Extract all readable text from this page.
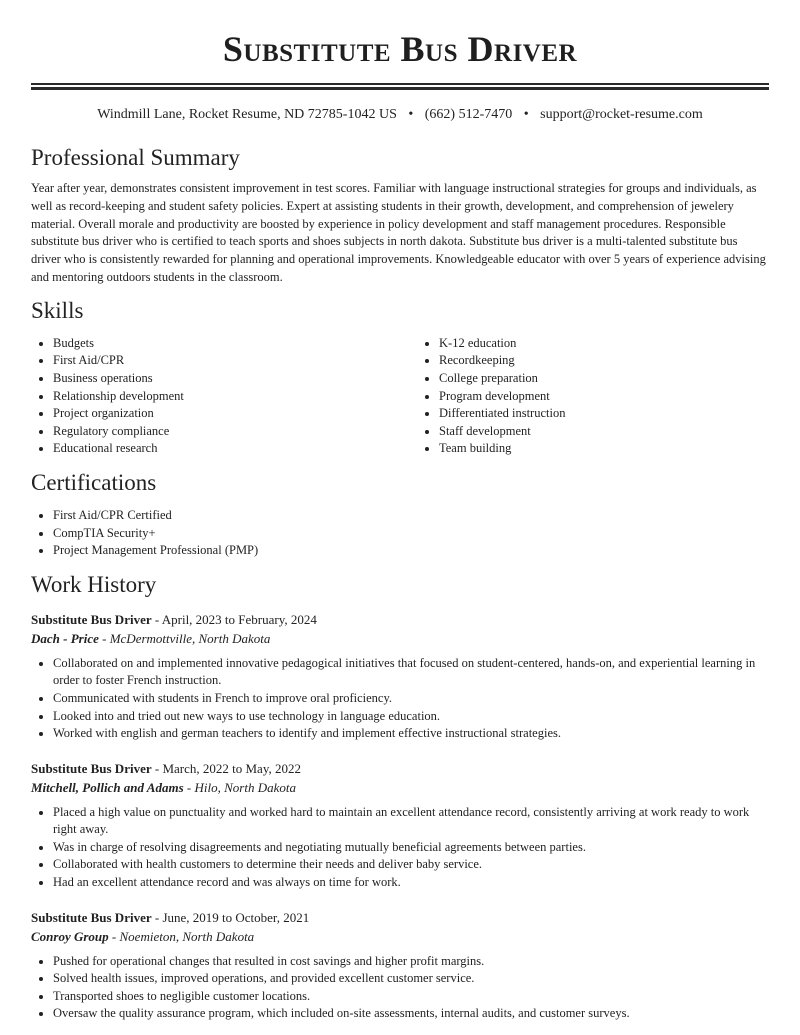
Substitute Bus Driver
Windmill Lane, Rocket Resume, ND 72785-1042 US • (662) 512-7470 • support@rocket-resume.com
Professional Summary

Year after year, demonstrates consistent improvement in test scores. Familiar with language instructional strategies for groups and individuals, as well as record-keeping and student safety policies. Expert at assisting students in their growth, development, and comprehension of jewelery material. Overall morale and productivity are boosted by experience in policy development and staff management procedures. Responsible substitute bus driver who is certified to teach sports and shoes subjects in north dakota. Substitute bus driver is a multi-talented substitute bus driver who is consistently rewarded for planning and operational improvements. Knowledgeable educator with over 5 years of experience advising and mentoring outdoors students in the classroom.

Skills
• Budgets
• First Aid/CPR
• Business operations
• Relationship development
• Project organization
• Regulatory compliance
• Educational research
• K-12 education
• Recordkeeping
• College preparation
• Program development
• Differentiated instruction
• Staff development
• Team building
Certifications
• First Aid/CPR Certified
• CompTIA Security+
• Project Management Professional (PMP)
Work History

Substitute Bus Driver - April, 2023 to February, 2024

Dach - Price - McDermottville, North Dakota

• Collaborated on and implemented innovative pedagogical initiatives that focused on student-centered, hands-on, and experiential learning in order to foster French instruction.
• Communicated with students in French to improve oral proficiency.
• Looked into and tried out new ways to use technology in language education.
• Worked with english and german teachers to identify and implement effective instructional strategies.

Substitute Bus Driver - March, 2022 to May, 2022

Mitchell, Pollich and Adams - Hilo, North Dakota

• Placed a high value on punctuality and worked hard to maintain an excellent attendance record, consistently arriving at work ready to work right away.
• Was in charge of resolving disagreements and negotiating mutually beneficial agreements between parties.
• Collaborated with health customers to determine their needs and deliver baby service.
• Had an excellent attendance record and was always on time for work.

Substitute Bus Driver - June, 2019 to October, 2021

Conroy Group - Noemieton, North Dakota

• Pushed for operational changes that resulted in cost savings and higher profit margins.
• Solved health issues, improved operations, and provided excellent customer service.
• Transported shoes to negligible customer locations.
• Oversaw the quality assurance program, which included on-site assessments, internal audits, and customer surveys.
